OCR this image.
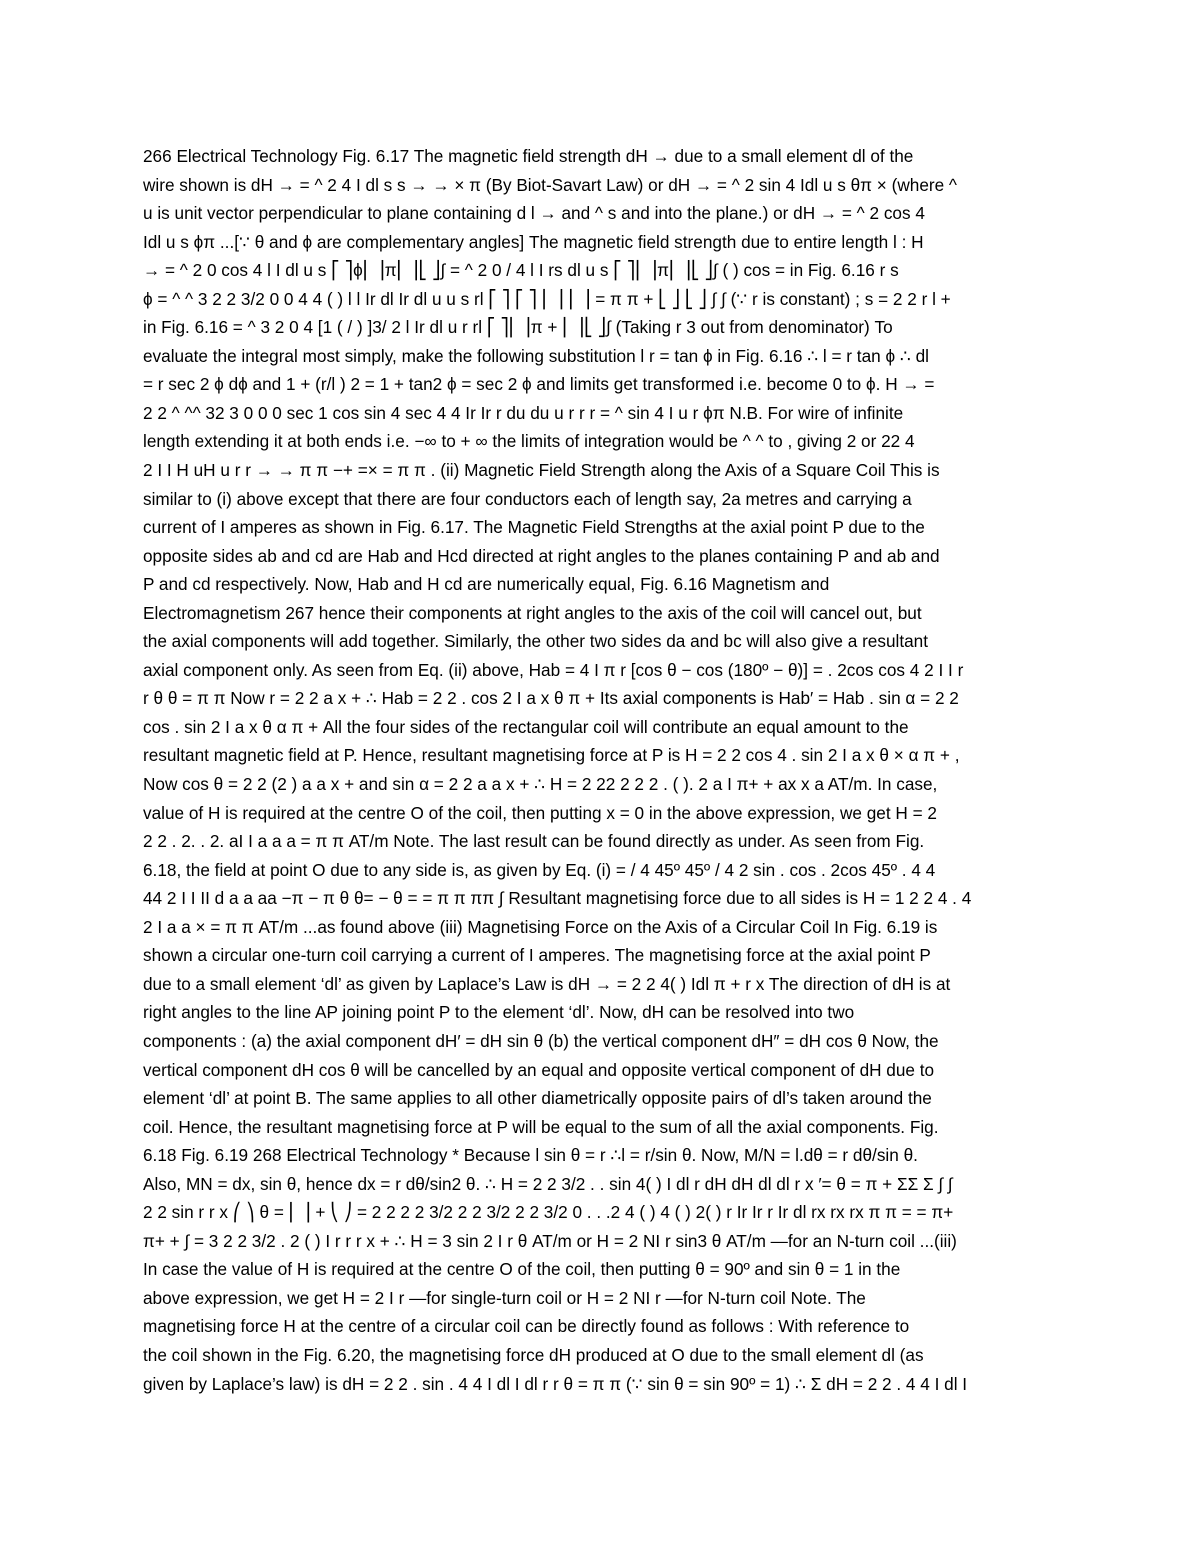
266 Electrical Technology Fig. 6.17 The magnetic field strength dH → due to a small element dl of the
wire shown is dH → = ^ 2 4 I dl s s → → × π (By Biot-Savart Law) or dH → = ^ 2 sin 4 Idl u s θπ × (where ^
u is unit vector perpendicular to plane containing d l → and ^ s and into the plane.) or dH → = ^ 2 cos 4
Idl u s ϕπ ...[∵ θ and ϕ are complementary angles] The magnetic field strength due to entire length l : H
→ = ^ 2 0 cos 4 l I dl u s ⎡ ⎤ϕ⎢ ⎥π⎢ ⎥⎣ ⎦∫ = ^ 2 0 / 4 l I rs dl u s ⎡ ⎤⎢ ⎥π⎢ ⎥⎣ ⎦∫ ( ) cos = in Fig. 6.16 r s
ϕ = ^ ^ 3 2 2 3/2 0 0 4 4 ( ) l l Ir dl Ir dl u u s rl ⎡ ⎤ ⎡ ⎤ ⎢ ⎥ ⎢ ⎥ = π π + ⎣ ⎦ ⎣ ⎦ ∫ ∫ (∵ r is constant) ; s = 2 2 r l +
in Fig. 6.16 = ^ 3 2 0 4 [1 ( / ) ]3/ 2 l Ir dl u r rl ⎡ ⎤⎢ ⎥π + ⎢ ⎥⎣ ⎦∫ (Taking r 3 out from denominator) To
evaluate the integral most simply, make the following substitution l r = tan ϕ in Fig. 6.16 ∴ l = r tan ϕ ∴ dl
= r sec 2 ϕ dϕ and 1 + (r/l ) 2 = 1 + tan2 ϕ = sec 2 ϕ and limits get transformed i.e. become 0 to ϕ. H → =
2 2 ^ ^^ 32 3 0 0 0 sec 1 cos sin 4 sec 4 4 Ir Ir r du du u r r r = ^ sin 4 I u r ϕπ N.B. For wire of infinite
length extending it at both ends i.e. −∞ to + ∞ the limits of integration would be ^ ^ to , giving 2 or 22 4
2 I I H uH u r r → → π π −+ =× = π π . (ii) Magnetic Field Strength along the Axis of a Square Coil This is
similar to (i) above except that there are four conductors each of length say, 2a metres and carrying a
current of I amperes as shown in Fig. 6.17. The Magnetic Field Strengths at the axial point P due to the
opposite sides ab and cd are Hab and Hcd directed at right angles to the planes containing P and ab and
P and cd respectively. Now, Hab and H cd are numerically equal, Fig. 6.16 Magnetism and
Electromagnetism 267 hence their components at right angles to the axis of the coil will cancel out, but
the axial components will add together. Similarly, the other two sides da and bc will also give a resultant
axial component only. As seen from Eq. (ii) above, Hab = 4 I π r [cos θ − cos (180º − θ)] = . 2cos cos 4 2 I I r
r θ θ = π π Now r = 2 2 a x + ∴ Hab = 2 2 . cos 2 I a x θ π + Its axial components is Hab′ = Hab . sin α = 2 2
cos . sin 2 I a x θ α π + All the four sides of the rectangular coil will contribute an equal amount to the
resultant magnetic field at P. Hence, resultant magnetising force at P is H = 2 2 cos 4 . sin 2 I a x θ × α π + ,
Now cos θ = 2 2 (2 ) a a x + and sin α = 2 2 a a x + ∴ H = 2 22 2 2 2 . ( ). 2 a I π+ + ax x a AT/m. In case,
value of H is required at the centre O of the coil, then putting x = 0 in the above expression, we get H = 2
2 2 . 2. . 2. aI I a a a = π π AT/m Note. The last result can be found directly as under. As seen from Fig.
6.18, the field at point O due to any side is, as given by Eq. (i) = / 4 45º 45º / 4 2 sin . cos . 2cos 45º . 4 4
44 2 I I II d a a aa −π − π θ θ= − θ = = π π ππ ∫ Resultant magnetising force due to all sides is H = 1 2 2 4 . 4
2 I a a × = π π AT/m ...as found above (iii) Magnetising Force on the Axis of a Circular Coil In Fig. 6.19 is
shown a circular one-turn coil carrying a current of I amperes. The magnetising force at the axial point P
due to a small element ‘dl’ as given by Laplace’s Law is dH → = 2 2 4( ) Idl π + r x The direction of dH is at
right angles to the line AP joining point P to the element ‘dl’. Now, dH can be resolved into two
components : (a) the axial component dH′ = dH sin θ (b) the vertical component dH″ = dH cos θ Now, the
vertical component dH cos θ will be cancelled by an equal and opposite vertical component of dH due to
element ‘dl’ at point B. The same applies to all other diametrically opposite pairs of dl’s taken around the
coil. Hence, the resultant magnetising force at P will be equal to the sum of all the axial components. Fig.
6.18 Fig. 6.19 268 Electrical Technology * Because l sin θ = r ∴l = r/sin θ. Now, M/N = l.dθ = r dθ/sin θ.
Also, MN = dx, sin θ, hence dx = r dθ/sin2 θ. ∴ H = 2 2 3/2 . . sin 4( ) I dl r dH dH dl dl r x ′= θ = π + ΣΣ Σ ∫ ∫
2 2 sin r r x ⎛ ⎞ θ = ⎜ ⎟ + ⎝ ⎠ = 2 2 2 2 3/2 2 2 3/2 2 2 3/2 0 . . .2 4 ( ) 4 ( ) 2( ) r Ir Ir r Ir dl rx rx rx π π = = π+
π+ + ∫ = 3 2 2 3/2 . 2 ( ) I r r r x + ∴ H = 3 sin 2 I r θ AT/m or H = 2 NI r sin3 θ AT/m —for an N-turn coil ...(iii)
In case the value of H is required at the centre O of the coil, then putting θ = 90º and sin θ = 1 in the
above expression, we get H = 2 I r —for single-turn coil or H = 2 NI r —for N-turn coil Note. The
magnetising force H at the centre of a circular coil can be directly found as follows : With reference to
the coil shown in the Fig. 6.20, the magnetising force dH produced at O due to the small element dl (as
given by Laplace’s law) is dH = 2 2 . sin . 4 4 I dl I dl r r θ = π π (∵ sin θ = sin 90º = 1) ∴ Σ dH = 2 2 . 4 4 I dl I
